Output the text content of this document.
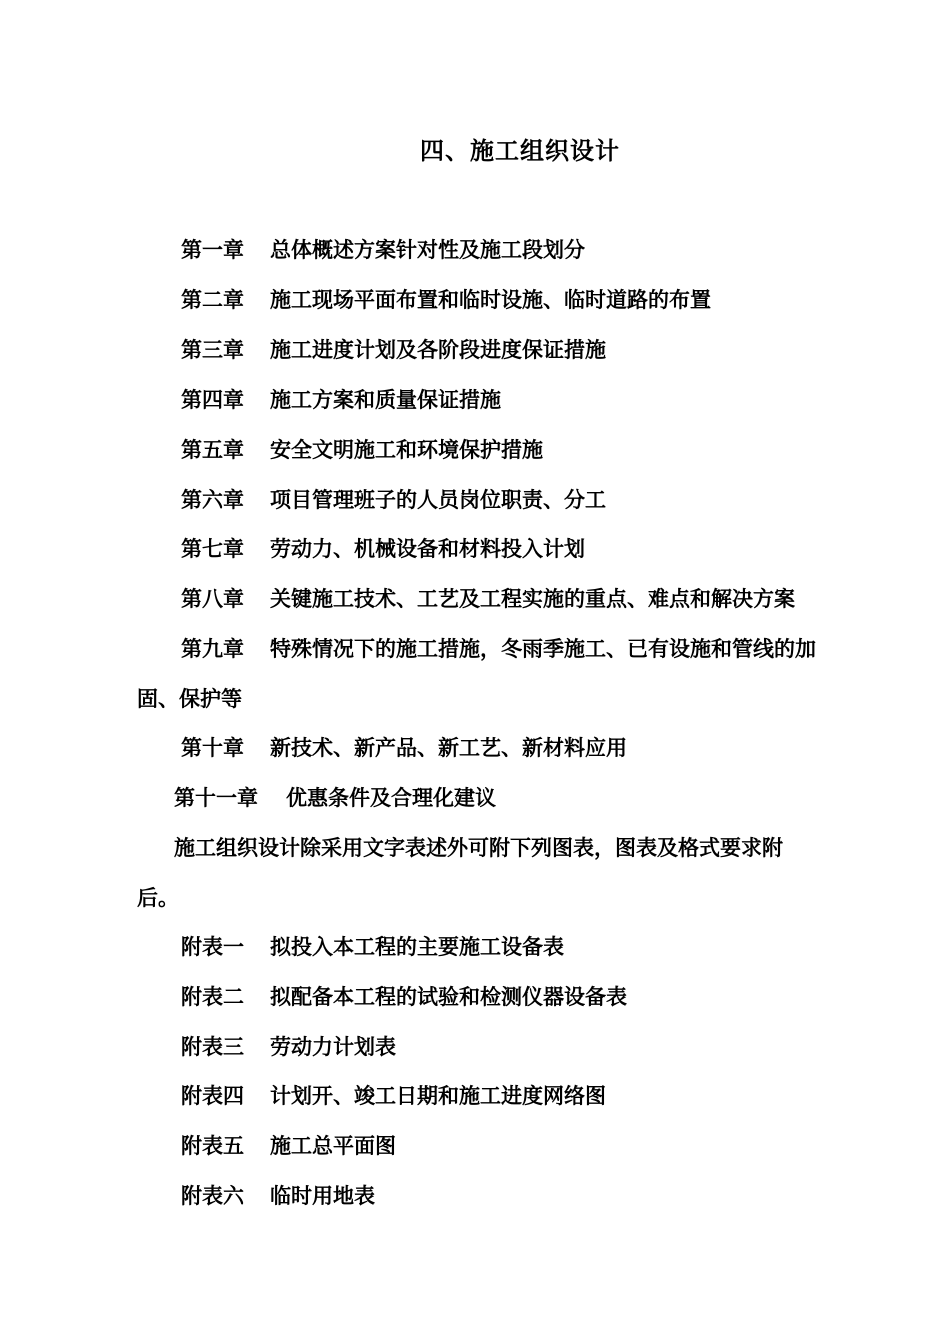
四、施工组织设计
第一章 总体概述方案针对性及施工段划分
第二章 施工现场平面布置和临时设施、临时道路的布置
第三章 施工进度计划及各阶段进度保证措施
第四章 施工方案和质量保证措施
第五章 安全文明施工和环境保护措施
第六章 项目管理班子的人员岗位职责、分工
第七章 劳动力、机械设备和材料投入计划
第八章 关键施工技术、工艺及工程实施的重点、难点和解决方案
第九章 特殊情况下的施工措施，冬雨季施工、已有设施和管线的加
固、保护等
第十章 新技术、新产品、新工艺、新材料应用
第十一章 优惠条件及合理化建议
施工组织设计除采用文字表述外可附下列图表，图表及格式要求附
后。
附表一 拟投入本工程的主要施工设备表
附表二 拟配备本工程的试验和检测仪器设备表
附表三 劳动力计划表
附表四 计划开、竣工日期和施工进度网络图
附表五 施工总平面图
附表六 临时用地表
